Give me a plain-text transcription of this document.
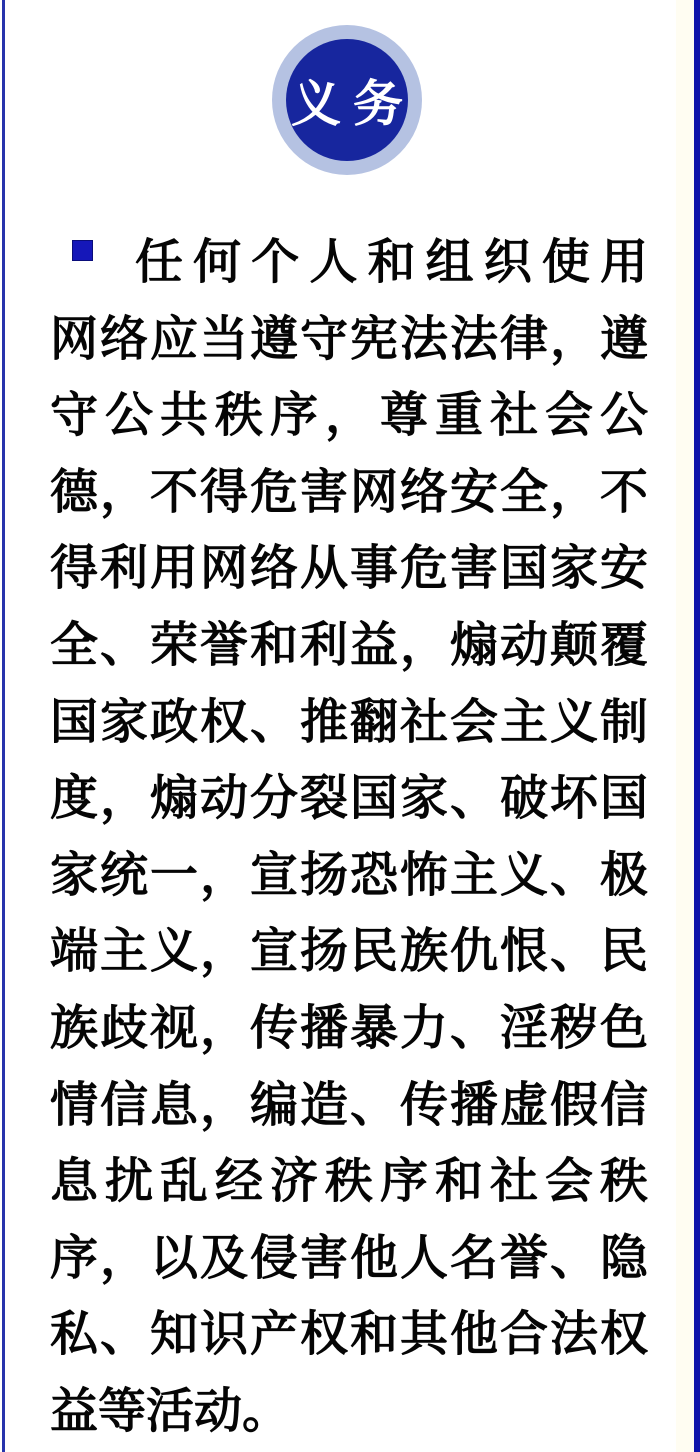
义务
任何个人和组织使用
网络应当遵守宪法法律，遵
守公共秩序，尊重社会公
德，不得危害网络安全，不
得利用网络从事危害国家安
全、荣誉和利益，煽动颠覆
国家政权、推翻社会主义制
度，煽动分裂国家、破坏国
家统一，宣扬恐怖主义、极
端主义，宣扬民族仇恨、民
族歧视，传播暴力、淫秽色
情信息，编造、传播虚假信
息扰乱经济秩序和社会秩
序，以及侵害他人名誉、隐
私、知识产权和其他合法权
益等活动。
